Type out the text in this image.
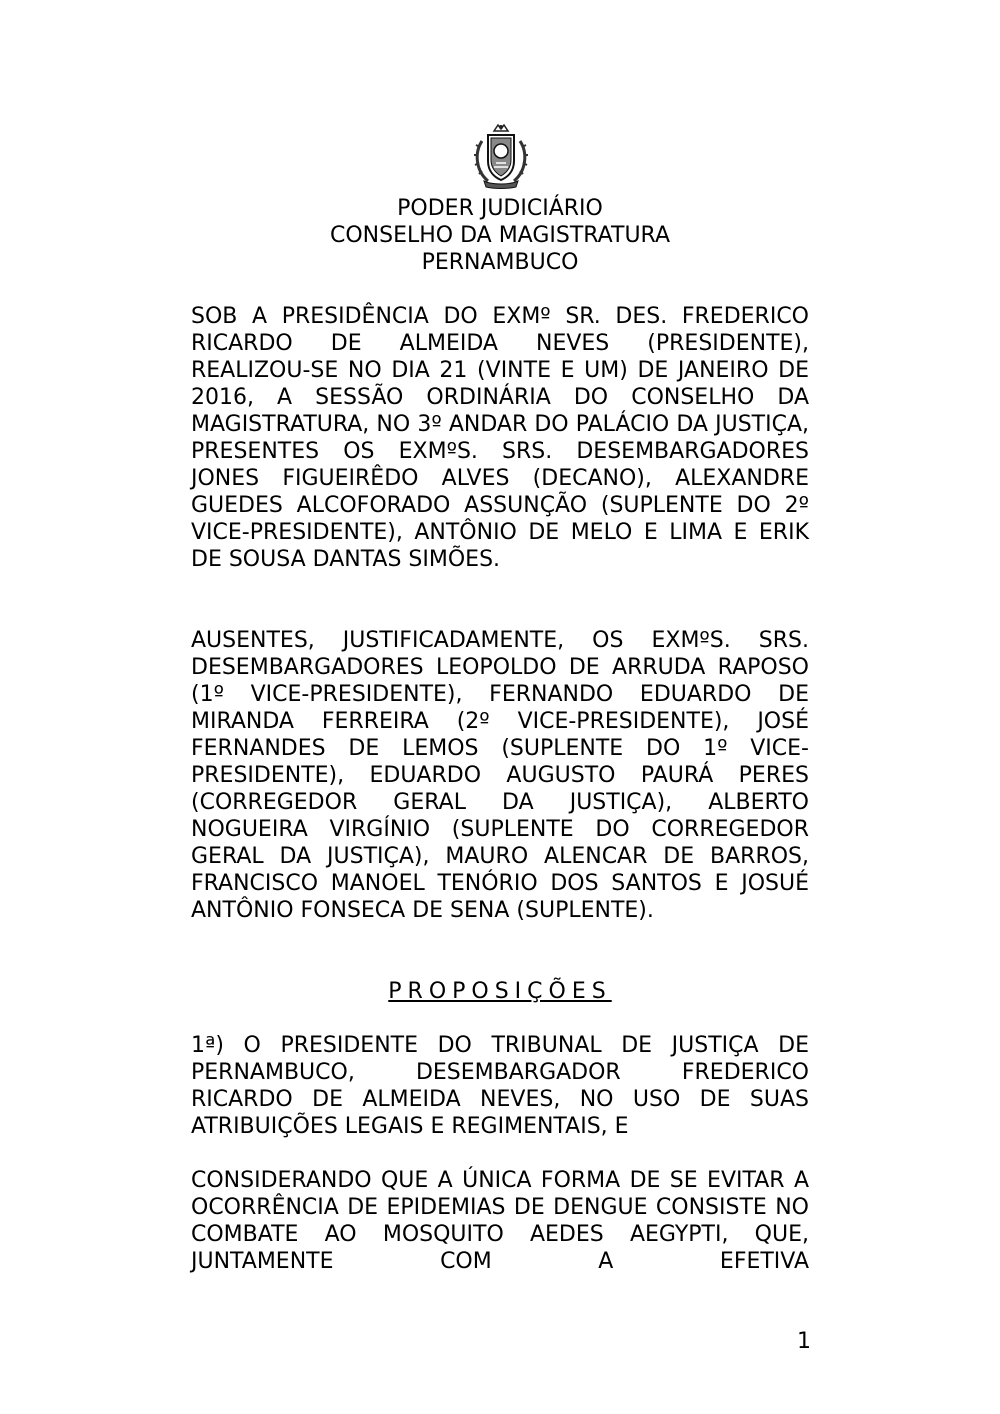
PODER JUDICIÁRIO
CONSELHO DA MAGISTRATURA
PERNAMBUCO

SOB A PRESIDÊNCIA DO EXMº SR. DES. FREDERICO RICARDO DE ALMEIDA NEVES (PRESIDENTE), REALIZOU-SE NO DIA 21 (VINTE E UM) DE JANEIRO DE 2016, A SESSÃO ORDINÁRIA DO CONSELHO DA MAGISTRATURA, NO 3º ANDAR DO PALÁCIO DA JUSTIÇA, PRESENTES OS EXMºS. SRS. DESEMBARGADORES JONES FIGUEIRÊDO ALVES (DECANO), ALEXANDRE GUEDES ALCOFORADO ASSUNÇÃO (SUPLENTE DO 2º VICE-PRESIDENTE), ANTÔNIO DE MELO E LIMA E ERIK DE SOUSA DANTAS SIMÕES.

AUSENTES, JUSTIFICADAMENTE, OS EXMºS. SRS. DESEMBARGADORES LEOPOLDO DE ARRUDA RAPOSO (1º VICE-PRESIDENTE), FERNANDO EDUARDO DE MIRANDA FERREIRA (2º VICE-PRESIDENTE), JOSÉ FERNANDES DE LEMOS (SUPLENTE DO 1º VICE-PRESIDENTE), EDUARDO AUGUSTO PAURÁ PERES (CORREGEDOR GERAL DA JUSTIÇA), ALBERTO NOGUEIRA VIRGÍNIO (SUPLENTE DO CORREGEDOR GERAL DA JUSTIÇA), MAURO ALENCAR DE BARROS, FRANCISCO MANOEL TENÓRIO DOS SANTOS E JOSUÉ ANTÔNIO FONSECA DE SENA (SUPLENTE).

PROPOSIÇÕES

1ª) O PRESIDENTE DO TRIBUNAL DE JUSTIÇA DE PERNAMBUCO, DESEMBARGADOR FREDERICO RICARDO DE ALMEIDA NEVES, NO USO DE SUAS ATRIBUIÇÕES LEGAIS E REGIMENTAIS, E

CONSIDERANDO QUE A ÚNICA FORMA DE SE EVITAR A OCORRÊNCIA DE EPIDEMIAS DE DENGUE CONSISTE NO COMBATE AO MOSQUITO AEDES AEGYPTI, QUE, JUNTAMENTE COM A EFETIVA

1
